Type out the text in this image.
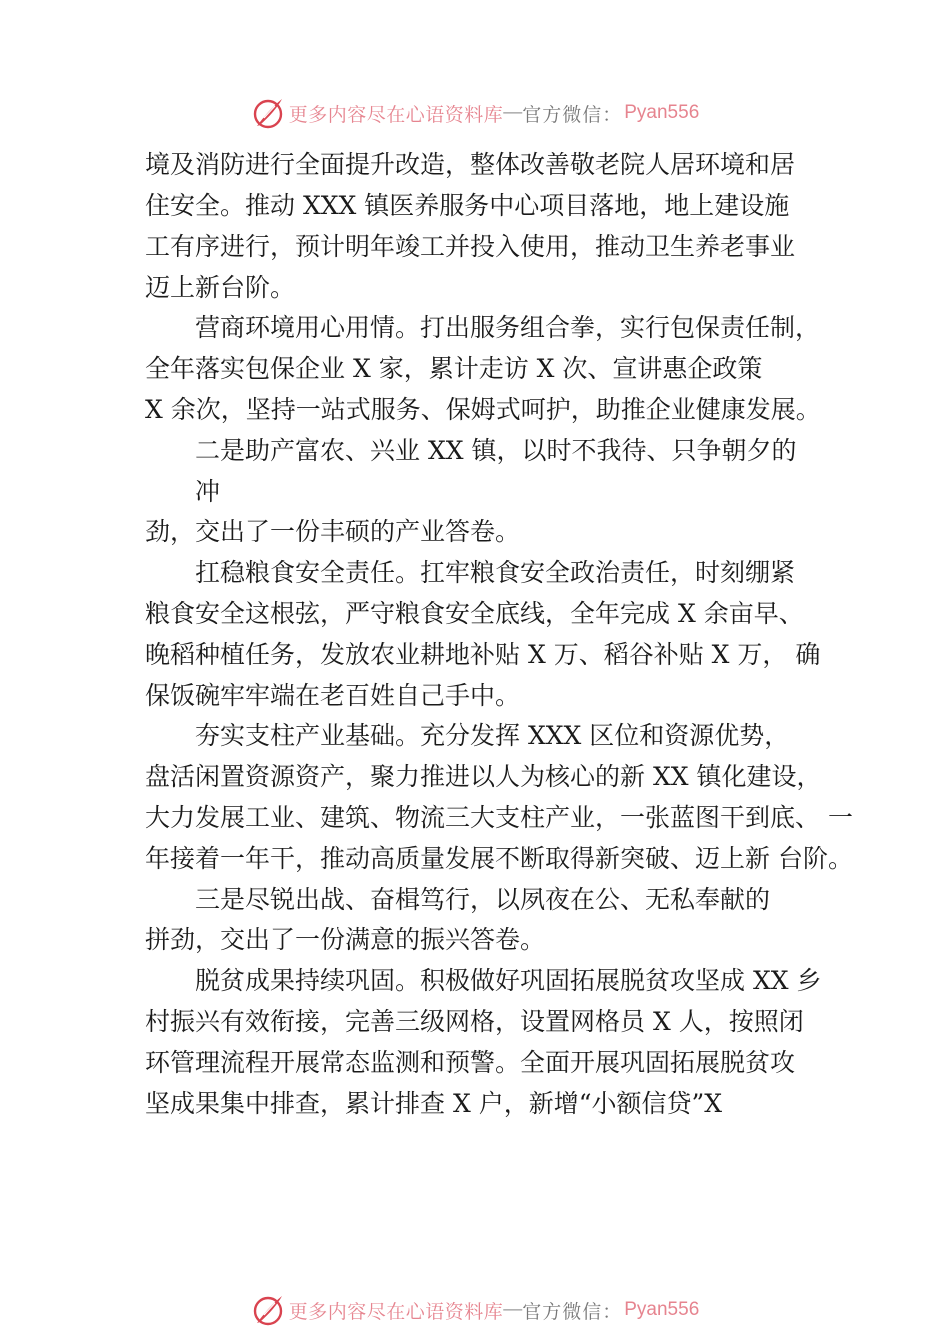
更多内容尽在心语资料库 — 官方微信： Pyan556
境及消防进行全面提升改造，整体改善敬老院人居环境和居
住安全。推动 XXX 镇医养服务中心项目落地，地上建设施
工有序进行，预计明年竣工并投入使用，推动卫生养老事业
迈上新台阶。
营商环境用心用情。打出服务组合拳，实行包保责任制，
全年落实包保企业 X 家，累计走访 X 次、宣讲惠企政策
X 余次，坚持一站式服务、保姆式呵护，助推企业健康发展。
二是助产富农、兴业 XX 镇，以时不我待、只争朝夕的
冲
劲，交出了一份丰硕的产业答卷。
扛稳粮食安全责任。扛牢粮食安全政治责任，时刻绷紧
粮食安全这根弦，严守粮食安全底线，全年完成 X 余亩早、
晚稻种植任务，发放农业耕地补贴 X 万、稻谷补贴 X 万， 确
保饭碗牢牢端在老百姓自己手中。
夯实支柱产业基础。充分发挥 XXX 区位和资源优势，
盘活闲置资源资产，聚力推进以人为核心的新 XX 镇化建设，
大力发展工业、建筑、物流三大支柱产业，一张蓝图干到底、 一
年接着一年干，推动高质量发展不断取得新突破、迈上新 台阶。
三是尽锐出战、奋楫笃行，以夙夜在公、无私奉献的
拼劲，交出了一份满意的振兴答卷。
脱贫成果持续巩固。积极做好巩固拓展脱贫攻坚成 XX 乡
村振兴有效衔接，完善三级网格，设置网格员 X 人，按照闭
环管理流程开展常态监测和预警。全面开展巩固拓展脱贫攻
坚成果集中排查，累计排查 X 户，新增“小额信贷”X
更多内容尽在心语资料库 — 官方微信： Pyan556
